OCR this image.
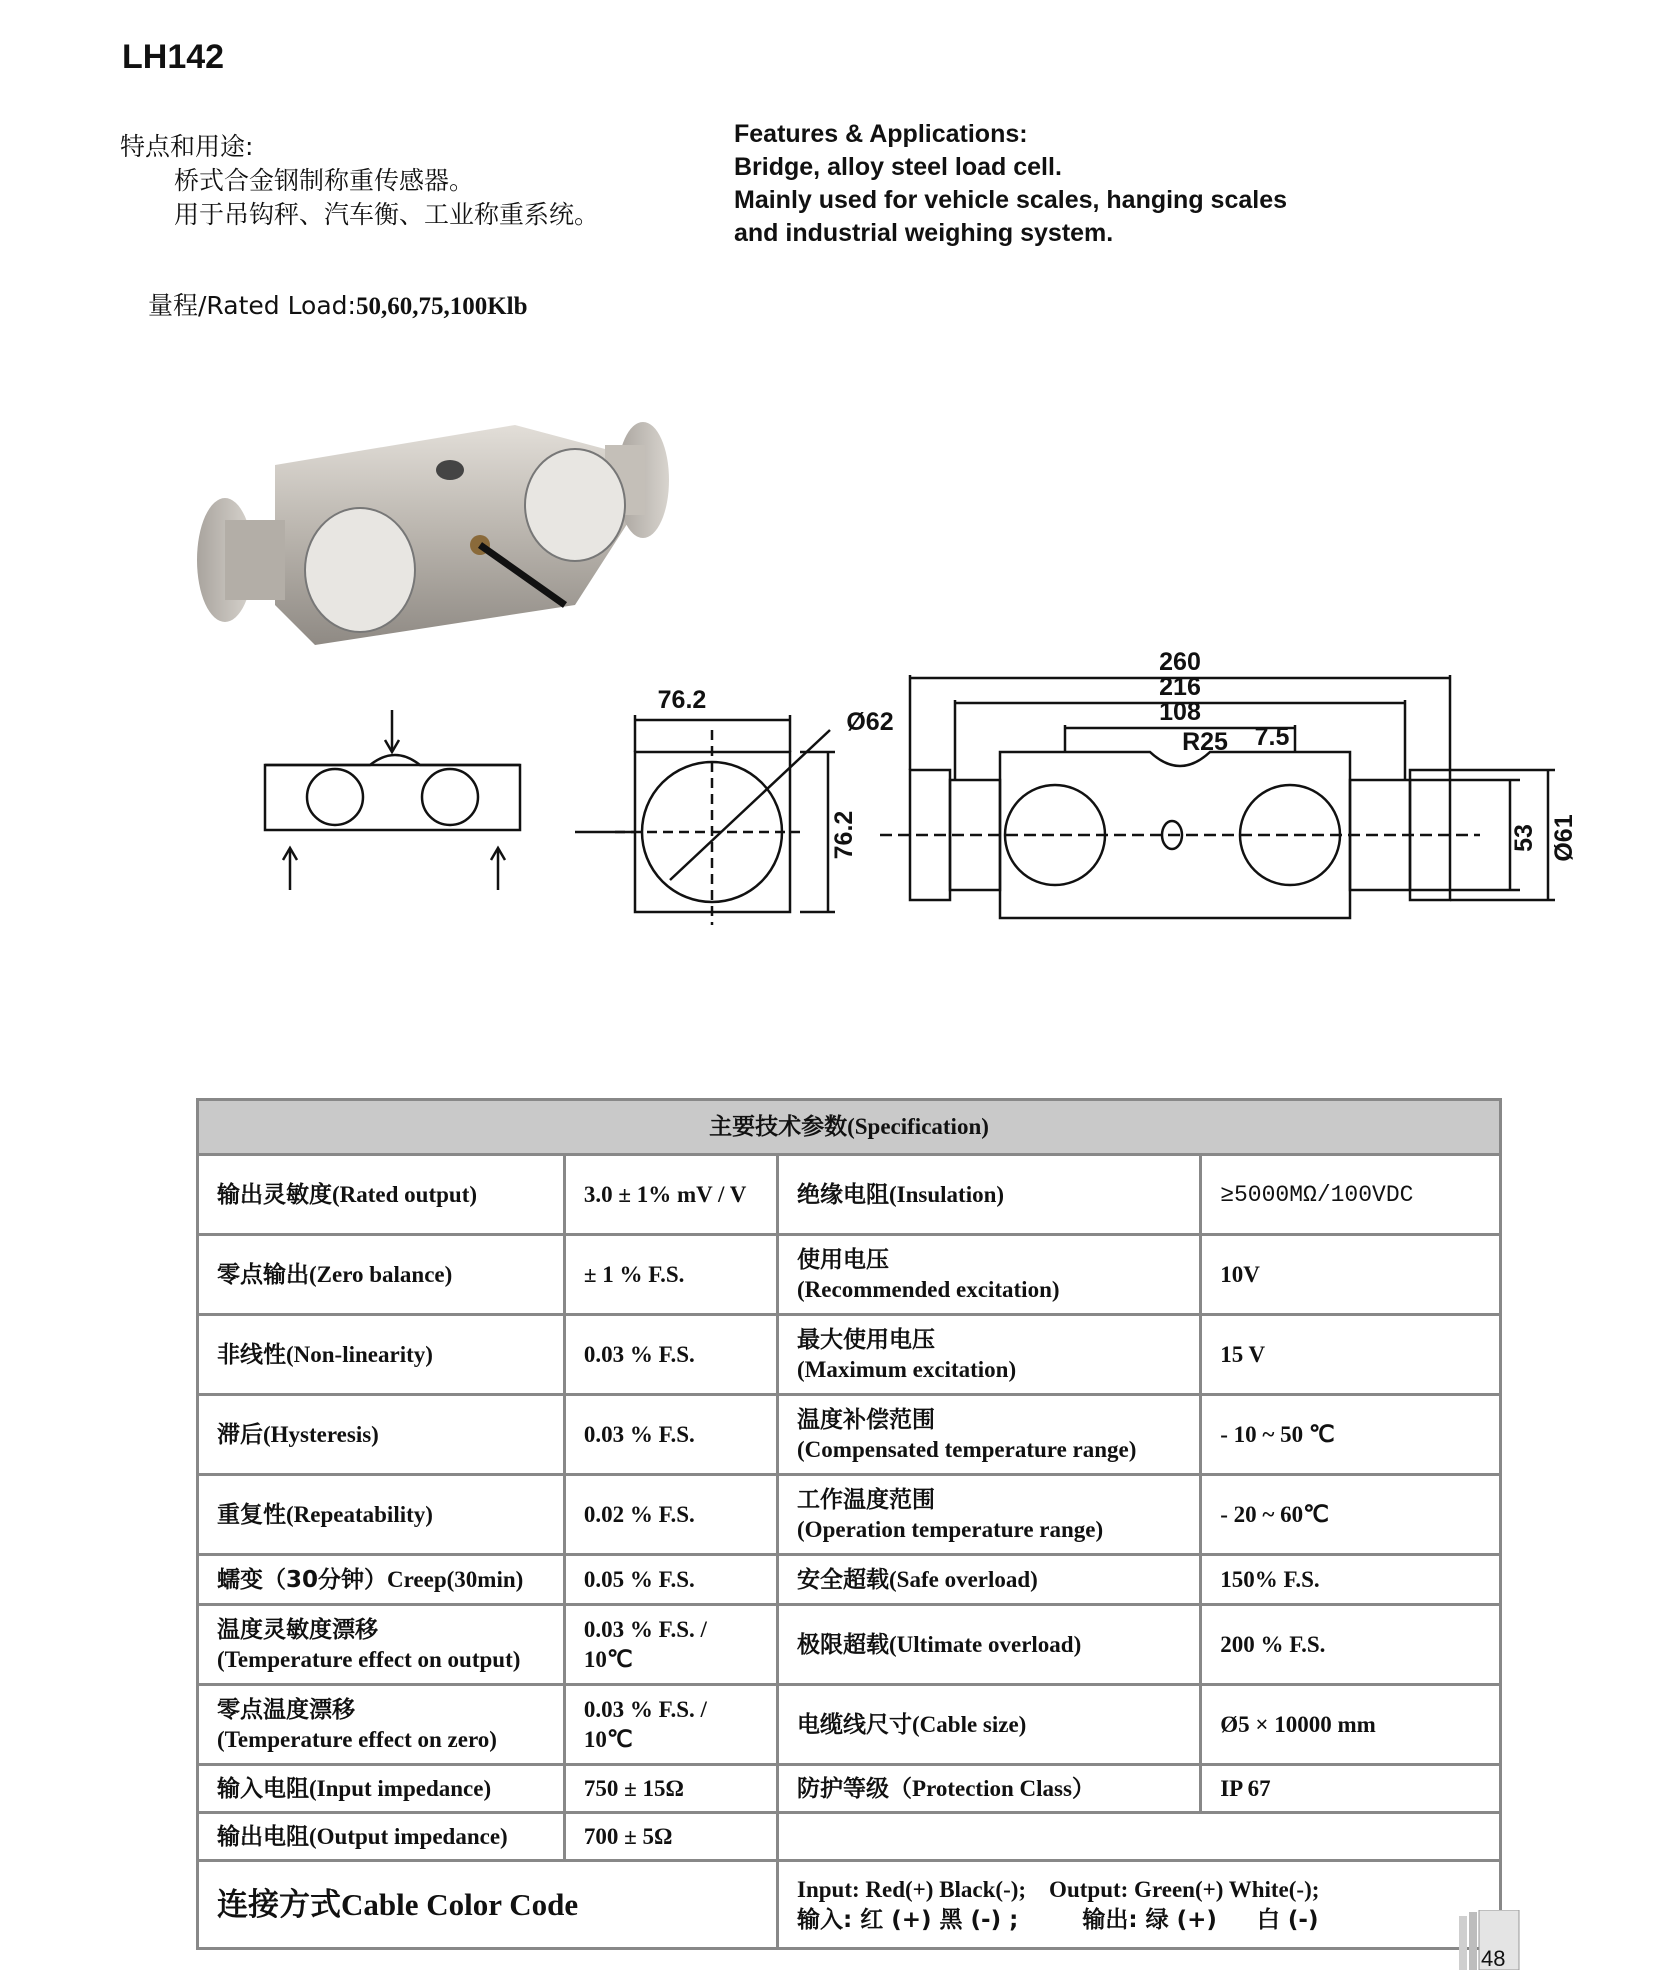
LH142
特点和用途:
桥式合金钢制称重传感器。
用于吊钩秤、汽车衡、工业称重系统。
Features & Applications:
Bridge, alloy steel load cell.
Mainly used for vehicle scales, hanging scales
and industrial weighing system.
量程/Rated Load:50,60,75,100Klb
76.2
76.2
Ø62
260
216
108
R25 7.5
53 Ø61
主要技术参数(Specification)			
输出灵敏度(Rated output)	3.0 ± 1% mV / V	绝缘电阻(Insulation)	≥5000MΩ/100VDC
零点输出(Zero balance)	± 1 % F.S.	使用电压
(Recommended excitation)	10V
非线性(Non-linearity)	0.03 % F.S.	最大使用电压
(Maximum excitation)	15 V
滞后(Hysteresis)	0.03 % F.S.	温度补偿范围
(Compensated temperature range)	- 10 ~ 50 ℃
重复性(Repeatability)	0.02 % F.S.	工作温度范围
(Operation temperature range)	- 20 ~ 60℃
蠕变（30分钟）Creep(30min)	0.05 % F.S.	安全超载(Safe overload)	150% F.S.

温度灵敏度漂移
(Temperature effect on output)	0.03 % F.S. / 10℃	极限超载(Ultimate overload)	200 % F.S.

零点温度漂移
(Temperature effect on zero)	0.03 % F.S. / 10℃	电缆线尺寸(Cable size)	Ø5 × 10000 mm
输入电阻(Input impedance)	750 ± 15Ω	防护等级（Protection Class）	IP 67
输出电阻(Output impedance)	700 ± 5Ω		
连接方式Cable Color Code		Input: Red(+) Black(-);    Output: Green(+) White(-);
输入: 红 (+) 黑 (-) ;        输出: 绿 (+)     白 (-)	
48
